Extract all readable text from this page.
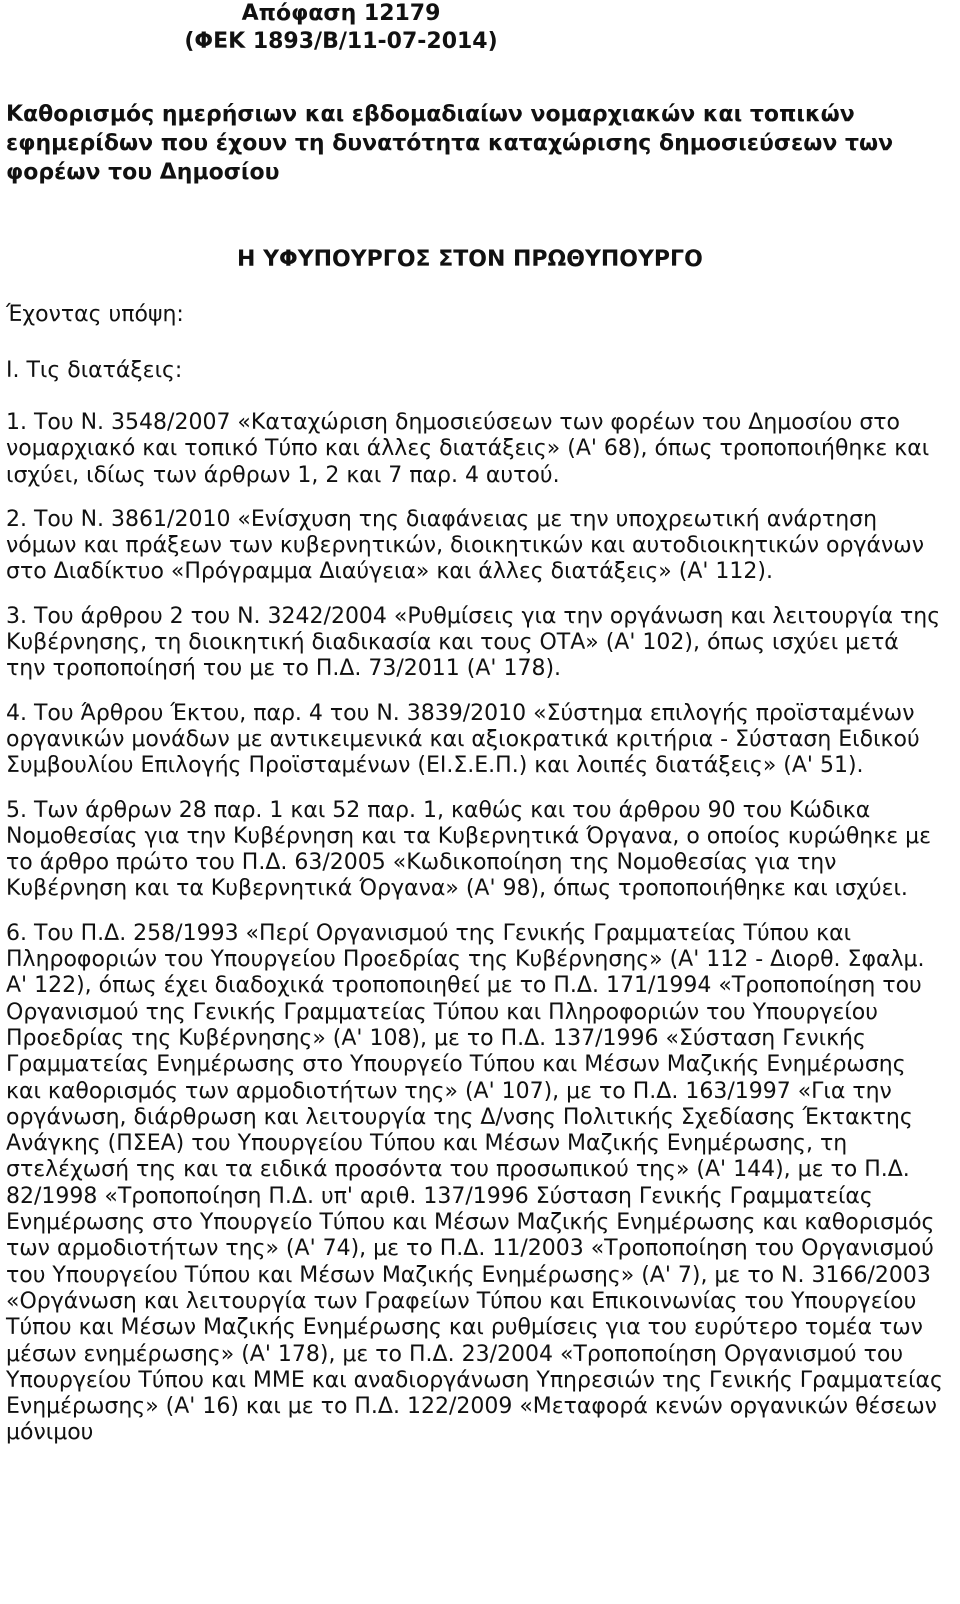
Απόφαση 12179
(ΦΕΚ 1893/Β/11-07-2014)
Καθορισμός ημερήσιων και εβδομαδιαίων νομαρχιακών και τοπικών εφημερίδων που έχουν τη δυνατότητα καταχώρισης δημοσιεύσεων των φορέων του Δημοσίου
Η ΥΦΥΠΟΥΡΓΟΣ ΣΤΟΝ ΠΡΩΘΥΠΟΥΡΓΟ
Έχοντας υπόψη:
Ι. Τις διατάξεις:

1. Του Ν. 3548/2007 «Καταχώριση δημοσιεύσεων των φορέων του Δημοσίου στο νομαρχιακό και τοπικό Τύπο και άλλες διατάξεις» (Α' 68), όπως τροποποιήθηκε και ισχύει, ιδίως των άρθρων 1, 2 και 7 παρ. 4 αυτού.

2. Του Ν. 3861/2010 «Ενίσχυση της διαφάνειας με την υποχρεωτική ανάρτηση νόμων και πράξεων των κυβερνητικών, διοικητικών και αυτοδιοικητικών οργάνων στο Διαδίκτυο «Πρόγραμμα Διαύγεια» και άλλες διατάξεις» (Α' 112).

3. Του άρθρου 2 του Ν. 3242/2004 «Ρυθμίσεις για την οργάνωση και λειτουργία της Κυβέρνησης, τη διοικητική διαδικασία και τους ΟΤΑ» (Α' 102), όπως ισχύει μετά την τροποποίησή του με το Π.Δ. 73/2011 (Α' 178).

4. Του Άρθρου Έκτου, παρ. 4 του Ν. 3839/2010 «Σύστημα επιλογής προϊσταμένων οργανικών μονάδων με αντικειμενικά και αξιοκρατικά κριτήρια - Σύσταση Ειδικού Συμβουλίου Επιλογής Προϊσταμένων (ΕΙ.Σ.Ε.Π.) και λοιπές διατάξεις» (Α' 51).

5. Των άρθρων 28 παρ. 1 και 52 παρ. 1, καθώς και του άρθρου 90 του Κώδικα Νομοθεσίας για την Κυβέρνηση και τα Κυβερνητικά Όργανα, ο οποίος κυρώθηκε με το άρθρο πρώτο του Π.Δ. 63/2005 «Κωδικοποίηση της Νομοθεσίας για την Κυβέρνηση και τα Κυβερνητικά Όργανα» (Α' 98), όπως τροποποιήθηκε και ισχύει.

6. Του Π.Δ. 258/1993 «Περί Οργανισμού της Γενικής Γραμματείας Τύπου και Πληροφοριών του Υπουργείου Προεδρίας της Κυβέρνησης» (Α' 112 - Διορθ. Σφαλμ. Α' 122), όπως έχει διαδοχικά τροποποιηθεί με το Π.Δ. 171/1994 «Τροποποίηση του Οργανισμού της Γενικής Γραμματείας Τύπου και Πληροφοριών του Υπουργείου Προεδρίας της Κυβέρνησης» (Α' 108), με το Π.Δ. 137/1996 «Σύσταση Γενικής Γραμματείας Ενημέρωσης στο Υπουργείο Τύπου και Μέσων Μαζικής Ενημέρωσης και καθορισμός των αρμοδιοτήτων της» (Α' 107), με το Π.Δ. 163/1997 «Για την οργάνωση, διάρθρωση και λειτουργία της Δ/νσης Πολιτικής Σχεδίασης Έκτακτης Ανάγκης (ΠΣΕΑ) του Υπουργείου Τύπου και Μέσων Μαζικής Ενημέρωσης, τη στελέχωσή της και τα ειδικά προσόντα του προσωπικού της» (Α' 144), με το Π.Δ. 82/1998 «Τροποποίηση Π.Δ. υπ' αριθ. 137/1996 Σύσταση Γενικής Γραμματείας Ενημέρωσης στο Υπουργείο Τύπου και Μέσων Μαζικής Ενημέρωσης και καθορισμός των αρμοδιοτήτων της» (Α' 74), με το Π.Δ. 11/2003 «Τροποποίηση του Οργανισμού του Υπουργείου Τύπου και Μέσων Μαζικής Ενημέρωσης» (Α' 7), με το Ν. 3166/2003 «Οργάνωση και λειτουργία των Γραφείων Τύπου και Επικοινωνίας του Υπουργείου Τύπου και Μέσων Μαζικής Ενημέρωσης και ρυθμίσεις για του ευρύτερο τομέα των μέσων ενημέρωσης» (Α' 178), με το Π.Δ. 23/2004 «Τροποποίηση Οργανισμού του Υπουργείου Τύπου και ΜΜΕ και αναδιοργάνωση Υπηρεσιών της Γενικής Γραμματείας Ενημέρωσης» (Α' 16) και με το Π.Δ. 122/2009 «Μεταφορά κενών οργανικών θέσεων μόνιμου
